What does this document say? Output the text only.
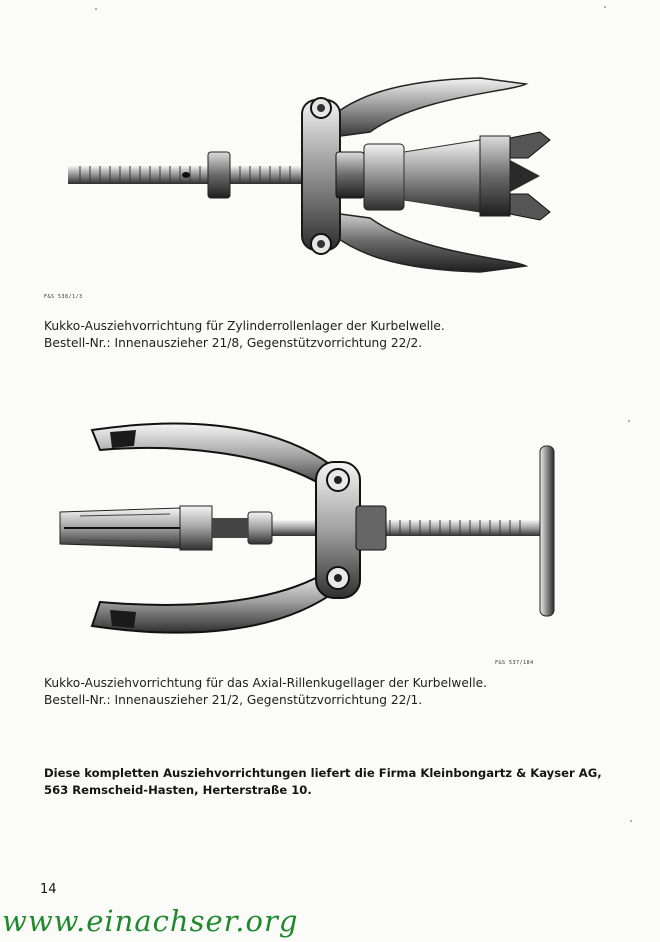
F&S 538/1/3
Kukko-Ausziehvorrichtung für Zylinderrollenlager der Kurbelwelle.
Bestell-Nr.: Innenauszieher 21/8, Gegenstützvorrichtung 22/2.
F&S 537/184
Kukko-Ausziehvorrichtung für das Axial-Rillenkugellager der Kurbelwelle.
Bestell-Nr.: Innenauszieher 21/2, Gegenstützvorrichtung 22/1.
Diese kompletten Ausziehvorrichtungen liefert die Firma Kleinbongartz & Kayser AG,
563 Remscheid-Hasten, Herterstraße 10.
14
www.einachser.org
